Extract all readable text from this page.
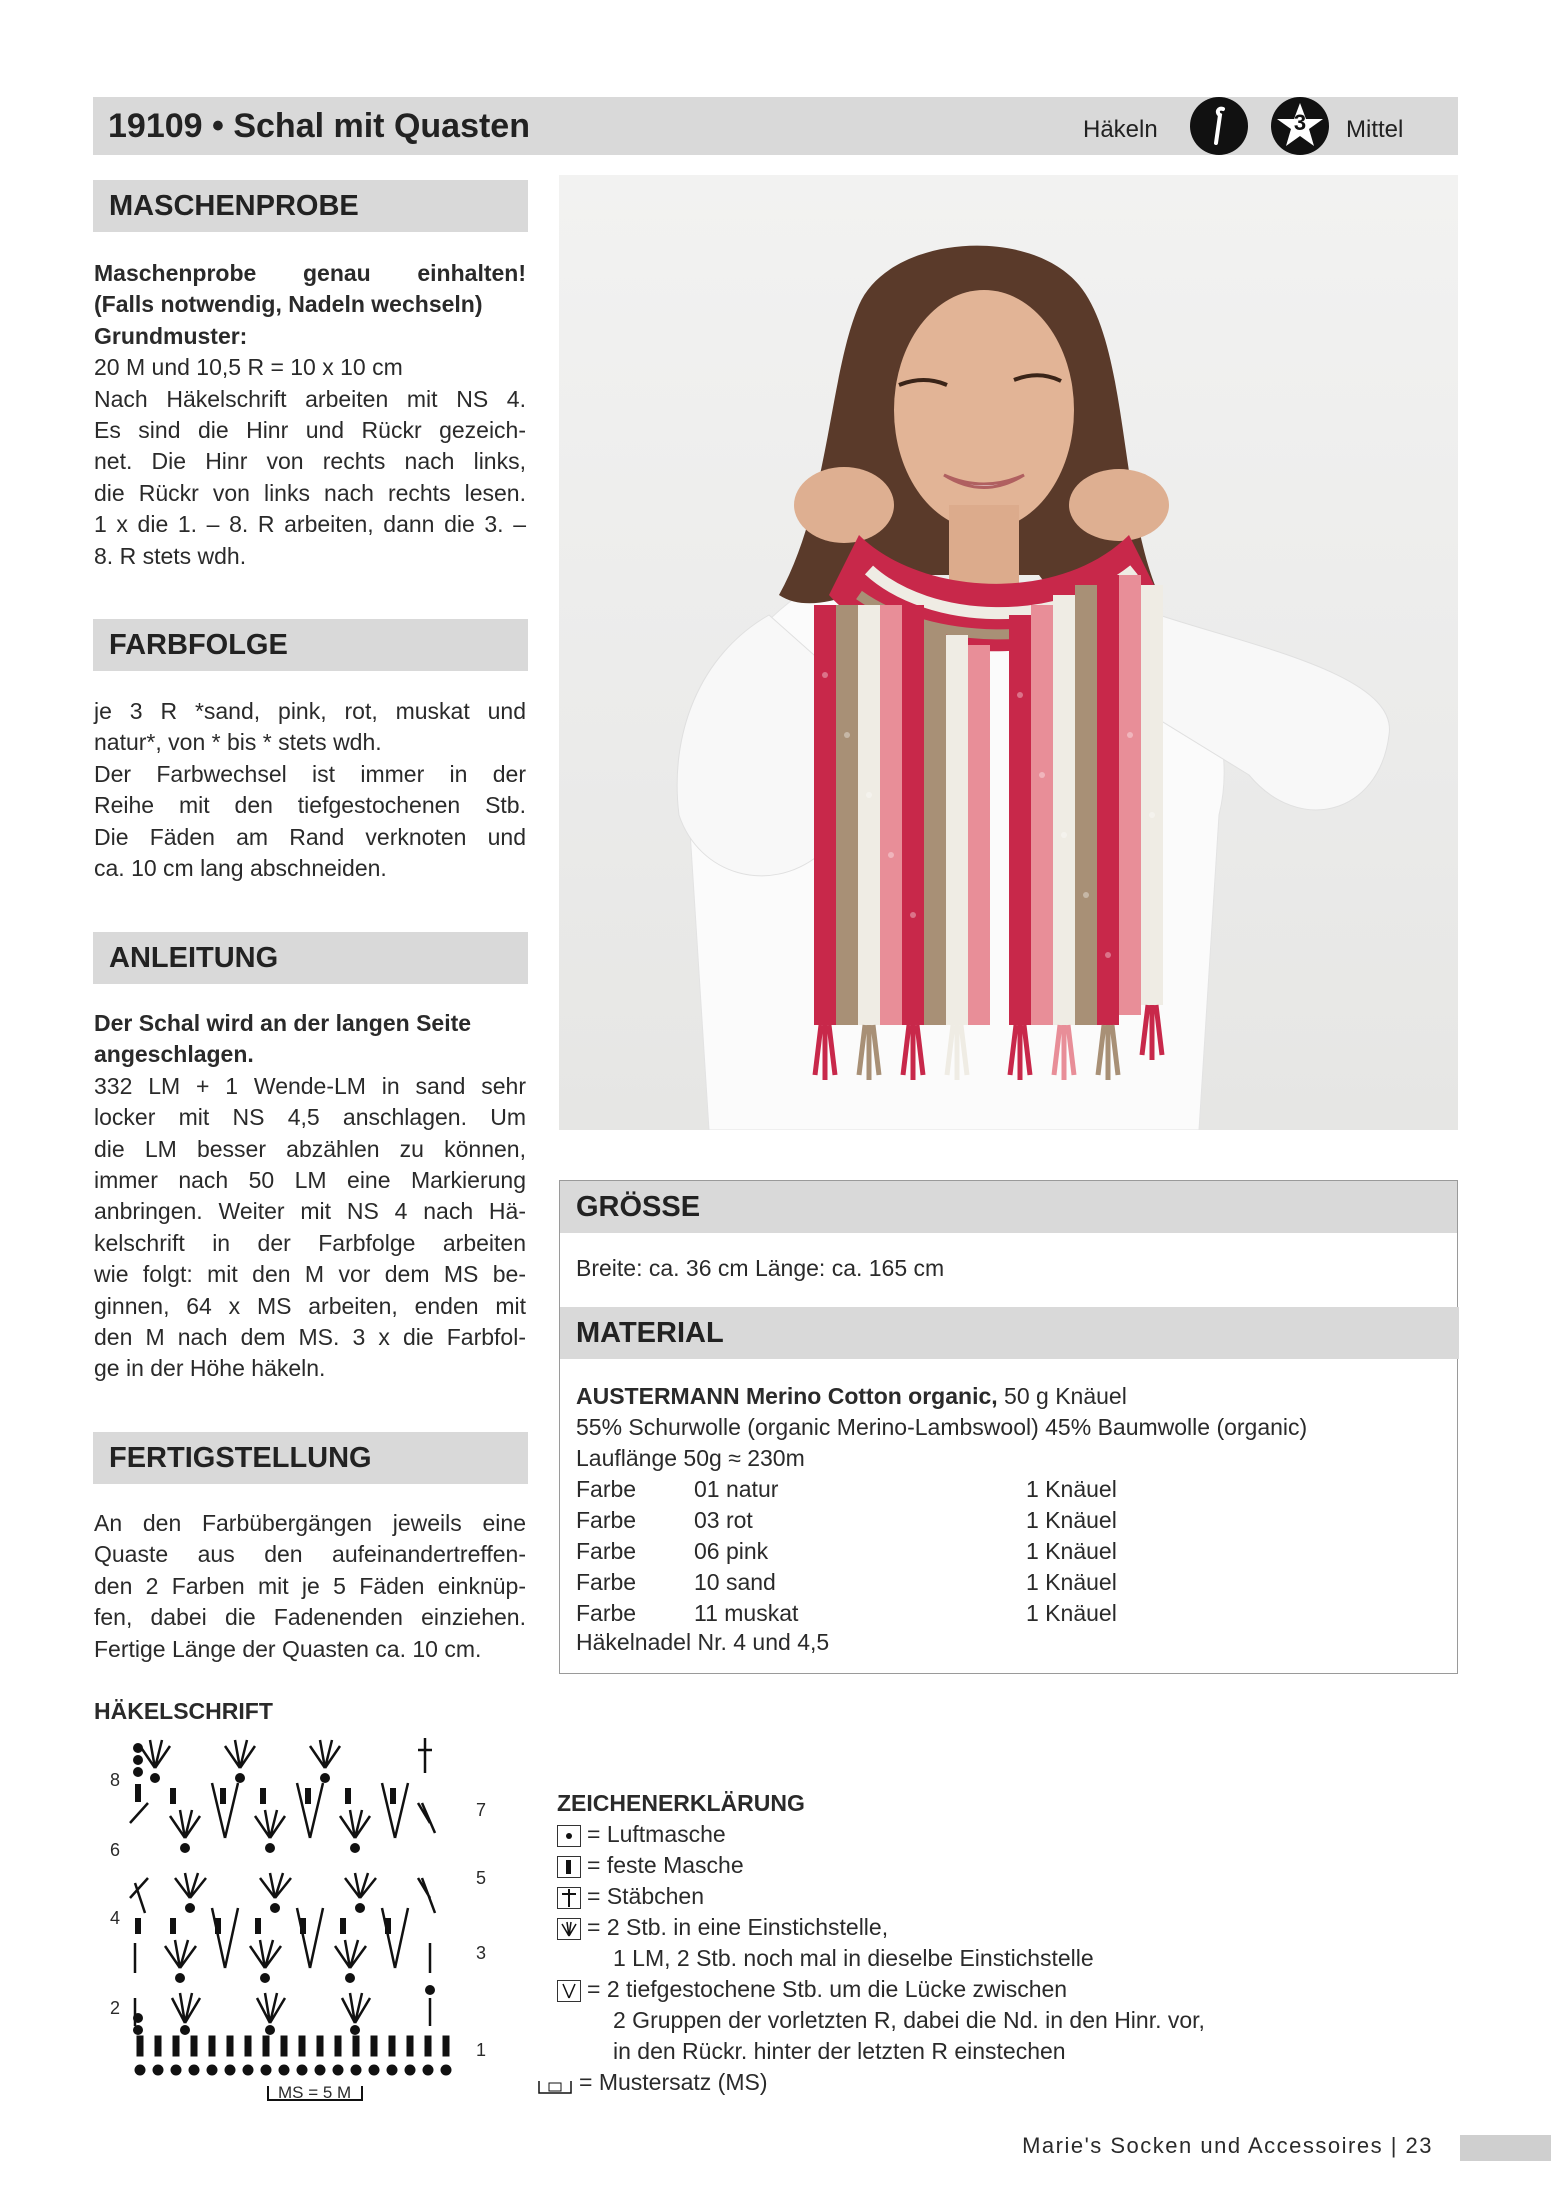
19109 • Schal mit Quasten	Häkeln	3	Mittel
MASCHENPROBE

Maschenprobe genau einhalten!

(Falls notwendig, Nadeln wechseln)

Grundmuster:

20 M und 10,5 R = 10 x 10 cm

Nach Häkelschrift arbeiten mit NS 4.

Es sind die Hinr und Rückr gezeich-

net. Die Hinr von rechts nach links,

die Rückr von links nach rechts lesen.

1 x die 1. – 8. R arbeiten, dann die 3. –

8. R stets wdh.

FARBFOLGE

je 3 R *sand, pink, rot, muskat und

natur*, von * bis * stets wdh.

Der Farbwechsel ist immer in der

Reihe mit den tiefgestochenen Stb.

Die Fäden am Rand verknoten und

ca. 10 cm lang abschneiden.

ANLEITUNG

Der Schal wird an der langen Seite

angeschlagen.

332 LM + 1 Wende-LM in sand sehr

locker mit NS 4,5 anschlagen. Um

die LM besser abzählen zu können,

immer nach 50 LM eine Markierung

anbringen. Weiter mit NS 4 nach Hä-

kelschrift in der Farbfolge arbeiten

wie folgt: mit den M vor dem MS be-

ginnen, 64 x MS arbeiten, enden mit

den M nach dem MS. 3 x die Farbfol-

ge in der Höhe häkeln.

FERTIGSTELLUNG

An den Farbübergängen jeweils eine

Quaste aus den aufeinandertreffen-

den 2 Farben mit je 5 Fäden einknüp-

fen, dabei die Fadenenden einziehen.

Fertige Länge der Quasten ca. 10 cm.

GRÖSSE
Breite: ca. 36 cm Länge: ca. 165 cm
MATERIAL
AUSTERMANN Merino Cotton organic, 50 g Knäuel
55% Schurwolle (organic Merino-Lambswool) 45% Baumwolle (organic)
Lauflänge 50g ≈ 230m
Farbe	01 natur	1 Knäuel
Farbe	03 rot	1 Knäuel
Farbe	06 pink	1 Knäuel
Farbe	10 sand	1 Knäuel
Farbe	11 muskat	1 Knäuel
Häkelnadel Nr. 4 und 4,5
HÄKELSCHRIFT
8
6
4
2
7
5
3
1
MS = 5 M
ZEICHENERKLÄRUNG
= Luftmasche
= feste Masche
= Stäbchen
= 2 Stb. in eine Einstichstelle,
1 LM, 2 Stb. noch mal in dieselbe Einstichstelle
= 2 tiefgestochene Stb. um die Lücke zwischen
2 Gruppen der vorletzten R, dabei die Nd. in den Hinr. vor,
in den Rückr. hinter der letzten R einstechen
= Mustersatz (MS)
Marie's Socken und Accessoires | 23
